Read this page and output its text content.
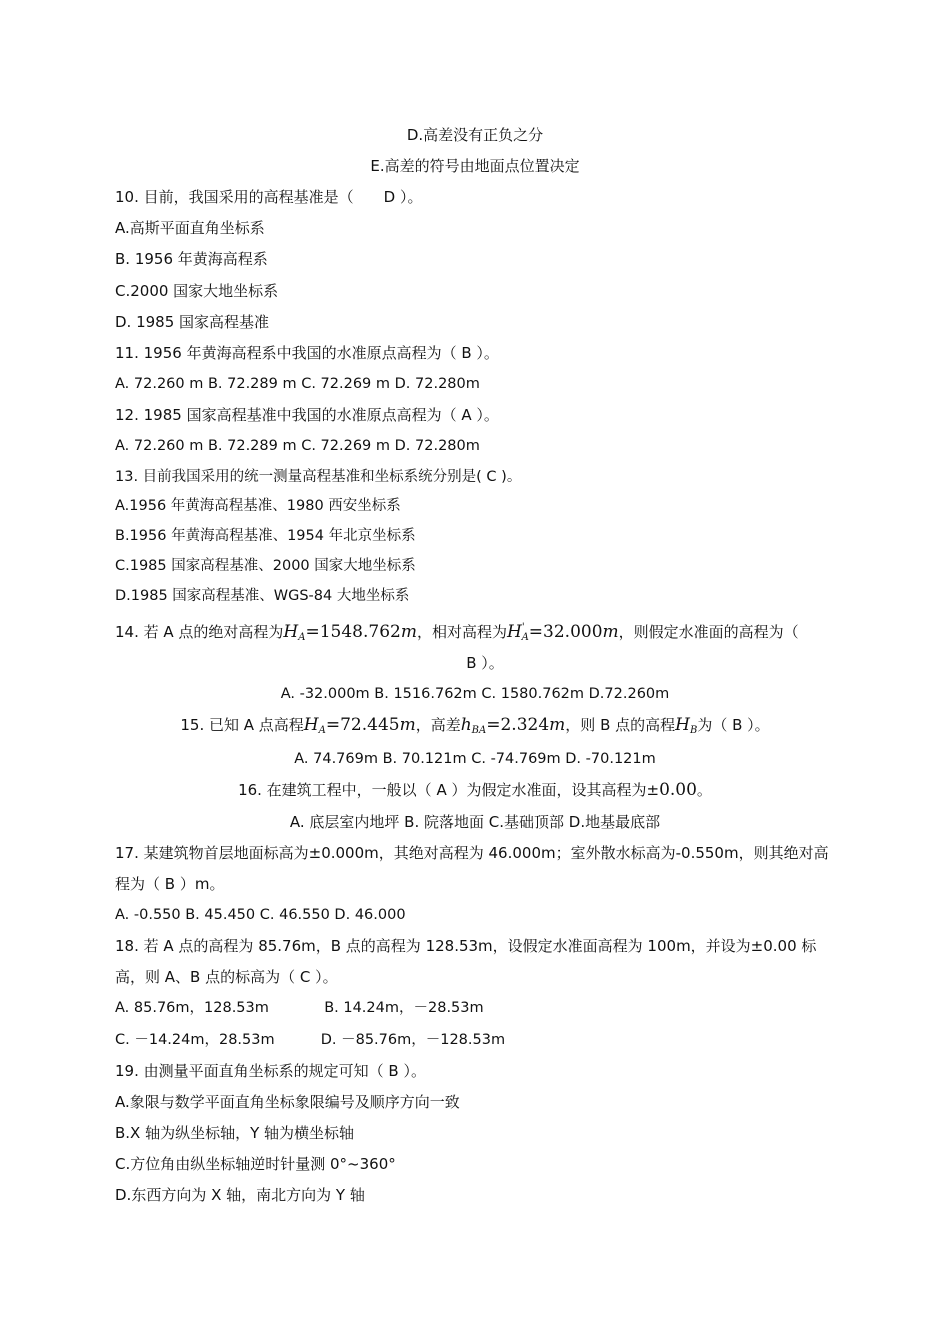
D.高差没有正负之分
E.高差的符号由地面点位置决定
10. 目前，我国采用的高程基准是（　　D ）。
A.高斯平面直角坐标系
B. 1956 年黄海高程系
C.2000 国家大地坐标系
D. 1985 国家高程基准
11. 1956 年黄海高程系中我国的水准原点高程为（ B ）。
A. 72.260 m B. 72.289 m C. 72.269 m D. 72.280m
12. 1985 国家高程基准中我国的水准原点高程为（ A ）。
A. 72.260 m B. 72.289 m C. 72.269 m D. 72.280m
13. 目前我国采用的统一测量高程基准和坐标系统分别是( C )。
A.1956 年黄海高程基准、1980 西安坐标系
B.1956 年黄海高程基准、1954 年北京坐标系
C.1985 国家高程基准、2000 国家大地坐标系
D.1985 国家高程基准、WGS-84 大地坐标系
14. 若 A 点的绝对高程为$H_A=1548.762m$，相对高程为$H'_A=32.000m$，则假定水准面的高程为（
B ）。
A. -32.000m B. 1516.762m C. 1580.762m D.72.260m
15. 已知 A 点高程$H_A=72.445m$，高差$h_{BA}=2.324m$，则 B 点的高程$H_B$为（ B ）。
A. 74.769m B. 70.121m C. -74.769m D. -70.121m
16. 在建筑工程中，一般以（ A ）为假定水准面，设其高程为±0.00。
A. 底层室内地坪 B. 院落地面 C.基础顶部 D.地基最底部
17. 某建筑物首层地面标高为±0.000m，其绝对高程为 46.000m；室外散水标高为-0.550m，则其绝对高程为（ B ）m。
A. -0.550 B. 45.450 C. 46.550 D. 46.000
18. 若 A 点的高程为 85.76m，B 点的高程为 128.53m，设假定水准面高程为 100m，并设为±0.00 标高，则 A、B 点的标高为（ C ）。
A. 85.76m，128.53m            B. 14.24m，－28.53m
C. －14.24m，28.53m          D. －85.76m，－128.53m
19. 由测量平面直角坐标系的规定可知（ B ）。
A.象限与数学平面直角坐标象限编号及顺序方向一致
B.X 轴为纵坐标轴，Y 轴为横坐标轴
C.方位角由纵坐标轴逆时针量测 0°~360°
D.东西方向为 X 轴，南北方向为 Y 轴
